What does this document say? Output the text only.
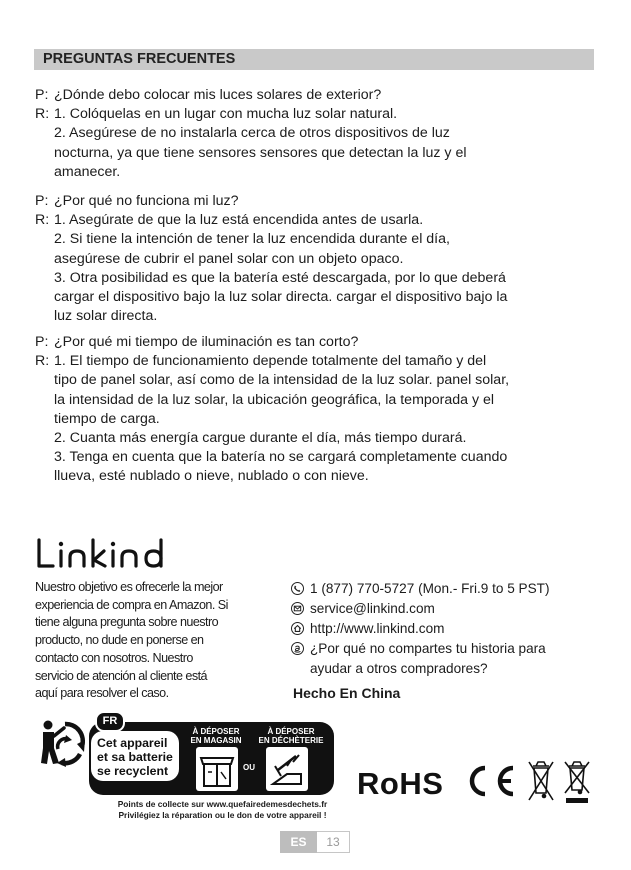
PREGUNTAS FRECUENTES
P: ¿Dónde debo colocar mis luces solares de exterior?
R: 1. Colóquelas en un lugar con mucha luz solar natural.
2. Asegúrese de no instalarla cerca de otros dispositivos de luz
nocturna, ya que tiene sensores sensores que detectan la luz y el
amanecer.
P: ¿Por qué no funciona mi luz?
R: 1. Asegúrate de que la luz está encendida antes de usarla.
2. Si tiene la intención de tener la luz encendida durante el día,
asegúrese de cubrir el panel solar con un objeto opaco.
3. Otra posibilidad es que la batería esté descargada, por lo que deberá
cargar el dispositivo bajo la luz solar directa. cargar el dispositivo bajo la
luz solar directa.
P: ¿Por qué mi tiempo de iluminación es tan corto?
R: 1. El tiempo de funcionamiento depende totalmente del tamaño y del
tipo de panel solar, así como de la intensidad de la luz solar. panel solar,
la intensidad de la luz solar, la ubicación geográfica, la temporada y el
tiempo de carga.
2. Cuanta más energía cargue durante el día, más tiempo durará.
3. Tenga en cuenta que la batería no se cargará completamente cuando
llueva, esté nublado o nieve, nublado o con nieve.
Nuestro objetivo es ofrecerle la mejor
experiencia de compra en Amazon. Si
tiene alguna pregunta sobre nuestro
producto, no dude en ponerse en
contacto con nosotros. Nuestro
servicio de atención al cliente está
aquí para resolver el caso.
1 (877) 770-5727 (Mon.- Fri.9 to 5 PST)
service@linkind.com
http://www.linkind.com
¿Por qué no compartes tu historia para
ayudar a otros compradores?
Hecho En China
FR
Cet appareil
et sa batterie
se recyclent
À DÉPOSER
EN MAGASIN
À DÉPOSER
EN DÉCHÈTERIE
OU
Points de collecte sur www.quefairedemesdechets.fr
Privilégiez la réparation ou le don de votre appareil !
RoHS
ES	13
